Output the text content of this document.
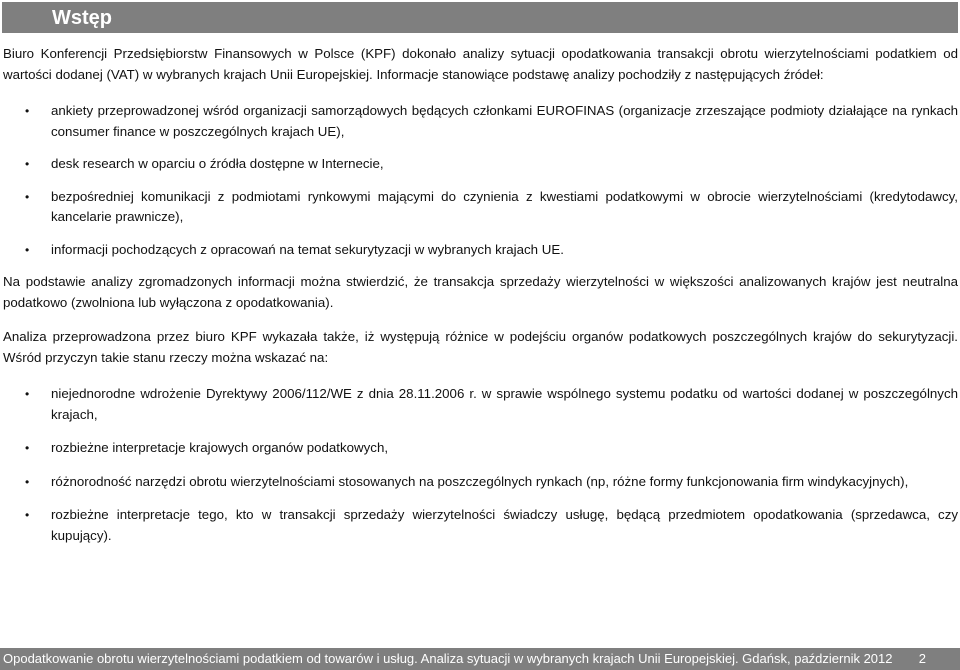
Wstęp

Biuro Konferencji Przedsiębiorstw Finansowych w Polsce (KPF) dokonało analizy sytuacji opodatkowania transakcji obrotu wierzytelnościami podatkiem od wartości dodanej (VAT) w wybranych krajach Unii Europejskiej. Informacje stanowiące podstawę analizy pochodziły z następujących źródeł:

• ankiety przeprowadzonej wśród organizacji samorządowych będących członkami EUROFINAS (organizacje zrzeszające podmioty działające na rynkach consumer finance w poszczególnych krajach UE),
• desk research w oparciu o źródła dostępne w Internecie,
• bezpośredniej komunikacji z podmiotami rynkowymi mającymi do czynienia z kwestiami podatkowymi w obrocie wierzytelnościami (kredytodawcy, kancelarie prawnicze),
• informacji pochodzących z opracowań na temat sekurytyzacji w wybranych krajach UE.

Na podstawie analizy zgromadzonych informacji można stwierdzić, że transakcja sprzedaży wierzytelności w większości analizowanych krajów jest neutralna podatkowo (zwolniona lub wyłączona z opodatkowania).

Analiza przeprowadzona przez biuro KPF wykazała także, iż występują różnice w podejściu organów podatkowych poszczególnych krajów do sekurytyzacji. Wśród przyczyn takie stanu rzeczy można wskazać na:

• niejednorodne wdrożenie Dyrektywy 2006/112/WE z dnia 28.11.2006 r. w sprawie wspólnego systemu podatku od wartości dodanej w poszczególnych krajach,
• rozbieżne interpretacje krajowych organów podatkowych,
• różnorodność narzędzi obrotu wierzytelnościami stosowanych na poszczególnych rynkach (np, różne formy funkcjonowania firm windykacyjnych),
• rozbieżne interpretacje tego, kto w transakcji sprzedaży wierzytelności świadczy usługę, będącą przedmiotem opodatkowania (sprzedawca, czy kupujący).
Opodatkowanie obrotu wierzytelnościami podatkiem od towarów i usług. Analiza sytuacji w wybranych krajach Unii Europejskiej. Gdańsk, październik 2012 2
